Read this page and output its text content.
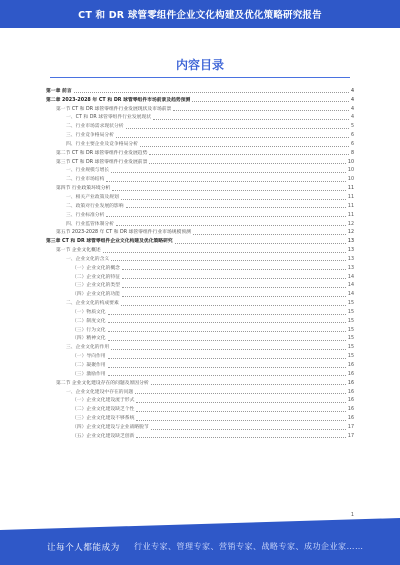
CT 和 DR 球管零组件企业文化构建及优化策略研究报告
内容目录
第一章 前言	4
第二章 2023-2028 年 CT 和 DR 球管零组件市场前景及趋势预测	4
第一节 CT 和 DR 球管零组件行业发展现状及市场前景	4
一、CT 和 DR 球管零组件行业发展现状	4
二、行业市场需求现状分析	5
三、行业竞争格局分析	6
四、行业主要企业及竞争格局分析	6
第二节 CT 和 DR 球管零组件行业发展趋势	8
第三节 CT 和 DR 球管零组件行业发展前景	10
一、行业规模与增长	10
二、行业市场结构	10
第四节 行业政策环境分析	11
一、相关产业政策及规划	11
二、政策对行业发展的影响	11
三、行业标准分析	11
四、行业监管体制分析	12
第五节 2023-2028 年 CT 和 DR 球管零组件行业市场规模预测	12
第三章 CT 和 DR 球管零组件企业文化构建及优化策略研究	13
第一节 企业文化概述	13
一、企业文化的含义	13
（一）企业文化的概念	13
（二）企业文化的特征	14
（三）企业文化的类型	14
（四）企业文化的功能	14
二、企业文化的构成要素	15
（一）物质文化	15
（二）制度文化	15
（三）行为文化	15
（四）精神文化	15
三、企业文化的作用	15
（一）导向作用	15
（二）凝聚作用	16
（三）激励作用	16
第二节 企业文化建设存在的问题及原因分析	16
一、企业文化建设中存在的问题	16
（一）企业文化建设流于形式	16
（二）企业文化建设缺乏个性	16
（三）企业文化建设不够系统	16
（四）企业文化建设与企业战略脱节	17
（五）企业文化建设缺乏创新	17
1
让每个人都能成为 行业专家、管理专家、营销专家、战略专家、成功企业家……
